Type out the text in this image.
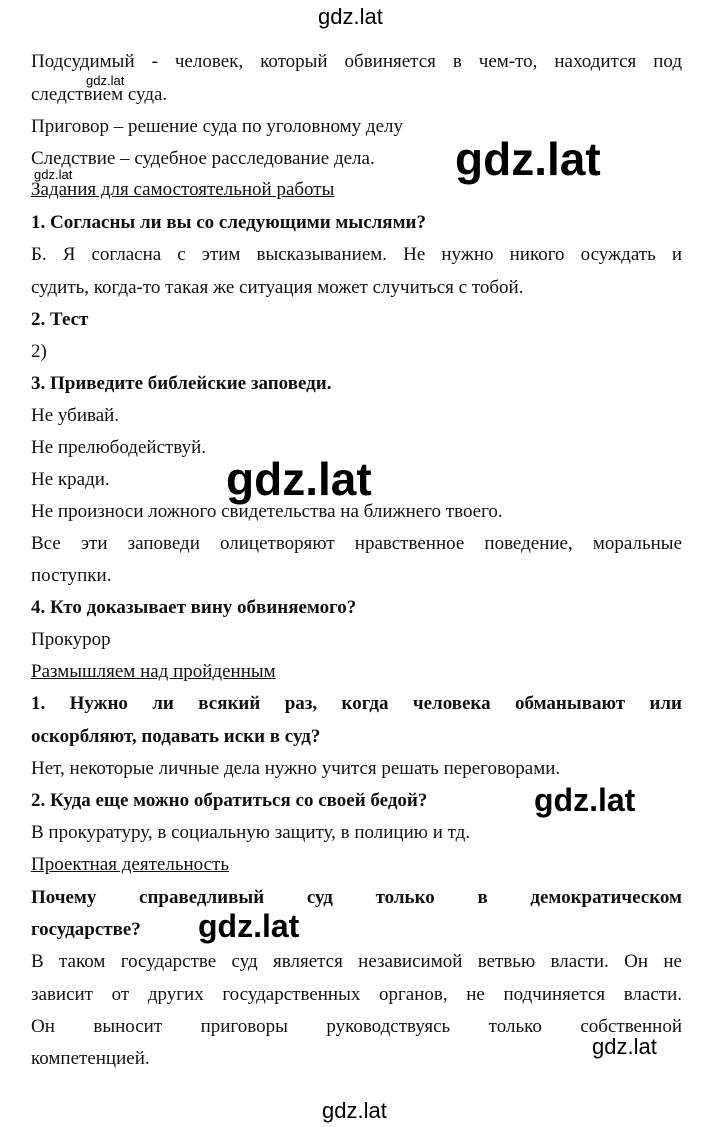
gdz.lat
gdz.lat
gdz.lat	gdz.lat
gdz.lat
gdz.lat
gdz.lat
gdz.lat
gdz.lat
Подсудимый - человек, который обвиняется в чем-то, находится под
следствием суда.
Приговор – решение суда по уголовному делу
Следствие – судебное расследование дела.
Задания для самостоятельной работы
1. Согласны ли вы со следующими мыслями?
Б. Я согласна с этим высказыванием. Не нужно никого осуждать и
судить, когда-то такая же ситуация может случиться с тобой.
2. Тест
2)
3. Приведите библейские заповеди.
Не убивай.
Не прелюбодействуй.
Не кради.
Не произноси ложного свидетельства на ближнего твоего.
Все эти заповеди олицетворяют нравственное поведение, моральные
поступки.
4. Кто доказывает вину обвиняемого?
Прокурор
Размышляем над пройденным
1. Нужно ли всякий раз, когда человека обманывают или
оскорбляют, подавать иски в суд?
Нет, некоторые личные дела нужно учится решать переговорами.
2. Куда еще можно обратиться со своей бедой?
В прокуратуру, в социальную защиту, в полицию и тд.
Проектная деятельность
Почему справедливый суд только в демократическом
государстве?
В таком государстве суд является независимой ветвью власти. Он не
зависит от других государственных органов, не подчиняется власти.
Он выносит приговоры руководствуясь только собственной
компетенцией.
